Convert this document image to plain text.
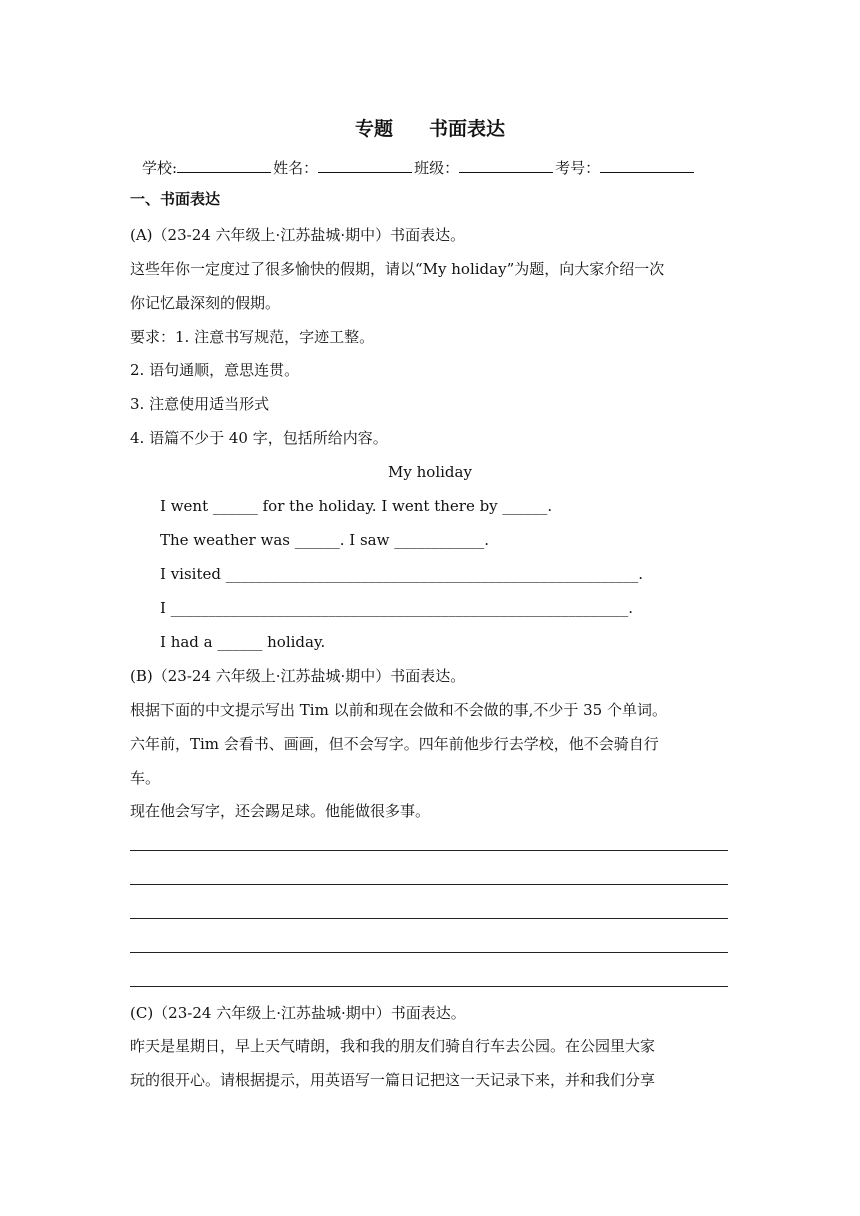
专题 书面表达
学校:	姓名：	班级：	考号：
一、书面表达
(A)（23-24 六年级上·江苏盐城·期中）书面表达。
这些年你一定度过了很多愉快的假期，请以“My holiday”为题，向大家介绍一次
你记忆最深刻的假期。
要求：1. 注意书写规范，字迹工整。
2. 语句通顺，意思连贯。
3. 注意使用适当形式
4. 语篇不少于 40 字，包括所给内容。
My holiday
I went ______ for the holiday. I went there by ______.
The weather was ______. I saw ____________.
I visited _______________________________________________________.
I _____________________________________________________________.
I had a ______ holiday.
(B)（23-24 六年级上·江苏盐城·期中）书面表达。
根据下面的中文提示写出 Tim 以前和现在会做和不会做的事,不少于 35 个单词。
六年前，Tim 会看书、画画，但不会写字。四年前他步行去学校，他不会骑自行
车。
现在他会写字，还会踢足球。他能做很多事。
(C)（23-24 六年级上·江苏盐城·期中）书面表达。
昨天是星期日，早上天气晴朗，我和我的朋友们骑自行车去公园。在公园里大家
玩的很开心。请根据提示，用英语写一篇日记把这一天记录下来，并和我们分享
